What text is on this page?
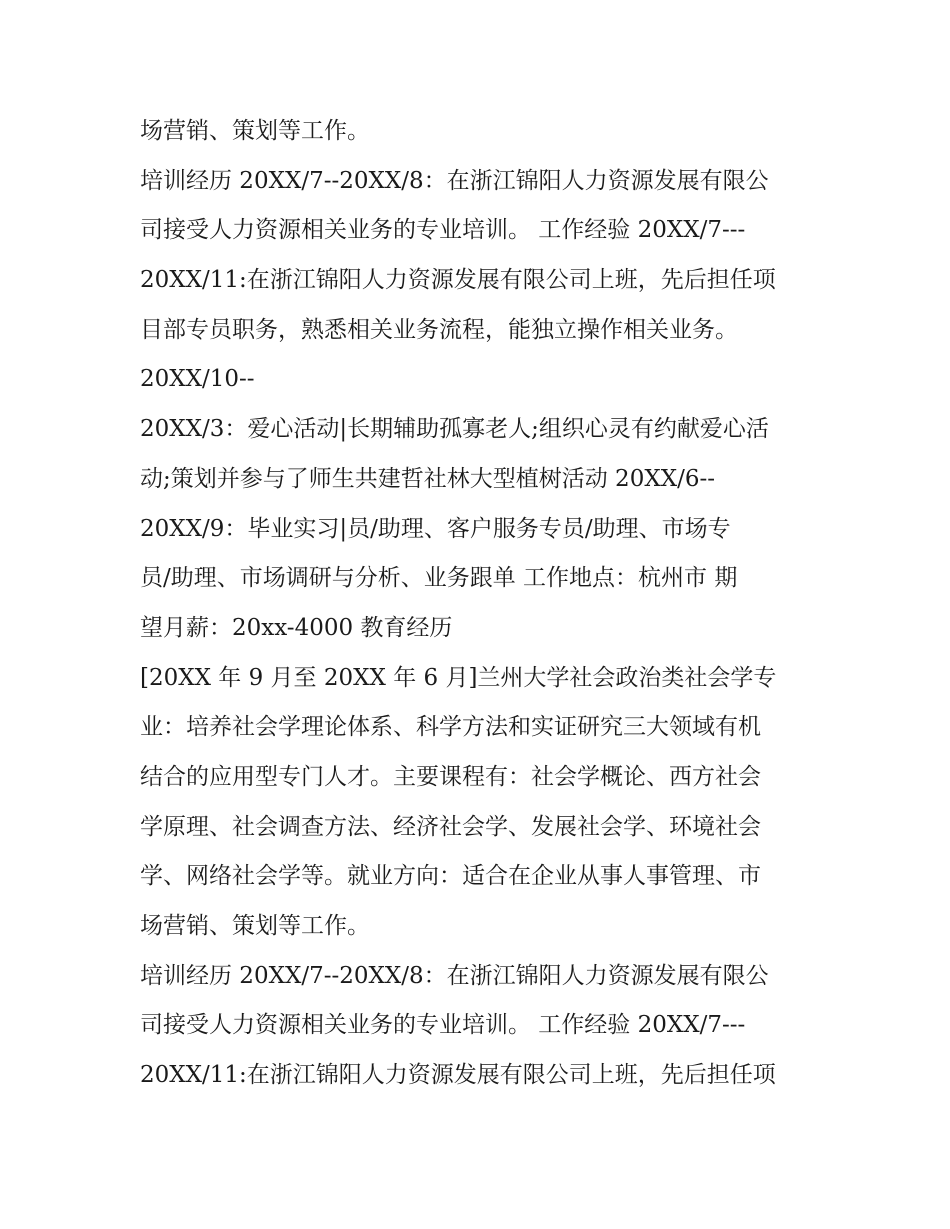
场营销、策划等工作。
培训经历 20XX/7--20XX/8：在浙江锦阳人力资源发展有限公
司接受人力资源相关业务的专业培训。 工作经验 20XX/7---
20XX/11:在浙江锦阳人力资源发展有限公司上班，先后担任项
目部专员职务，熟悉相关业务流程，能独立操作相关业务。
20XX/10--
20XX/3：爱心活动|长期辅助孤寡老人;组织心灵有约献爱心活
动;策划并参与了师生共建哲社林大型植树活动 20XX/6--
20XX/9：毕业实习|员/助理、客户服务专员/助理、市场专
员/助理、市场调研与分析、业务跟单 工作地点：杭州市 期
望月薪：20xx-4000 教育经历
[20XX 年 9 月至 20XX 年 6 月]兰州大学社会政治类社会学专
业：培养社会学理论体系、科学方法和实证研究三大领域有机
结合的应用型专门人才。主要课程有：社会学概论、西方社会
学原理、社会调查方法、经济社会学、发展社会学、环境社会
学、网络社会学等。就业方向：适合在企业从事人事管理、市
场营销、策划等工作。
培训经历 20XX/7--20XX/8：在浙江锦阳人力资源发展有限公
司接受人力资源相关业务的专业培训。 工作经验 20XX/7---
20XX/11:在浙江锦阳人力资源发展有限公司上班，先后担任项
